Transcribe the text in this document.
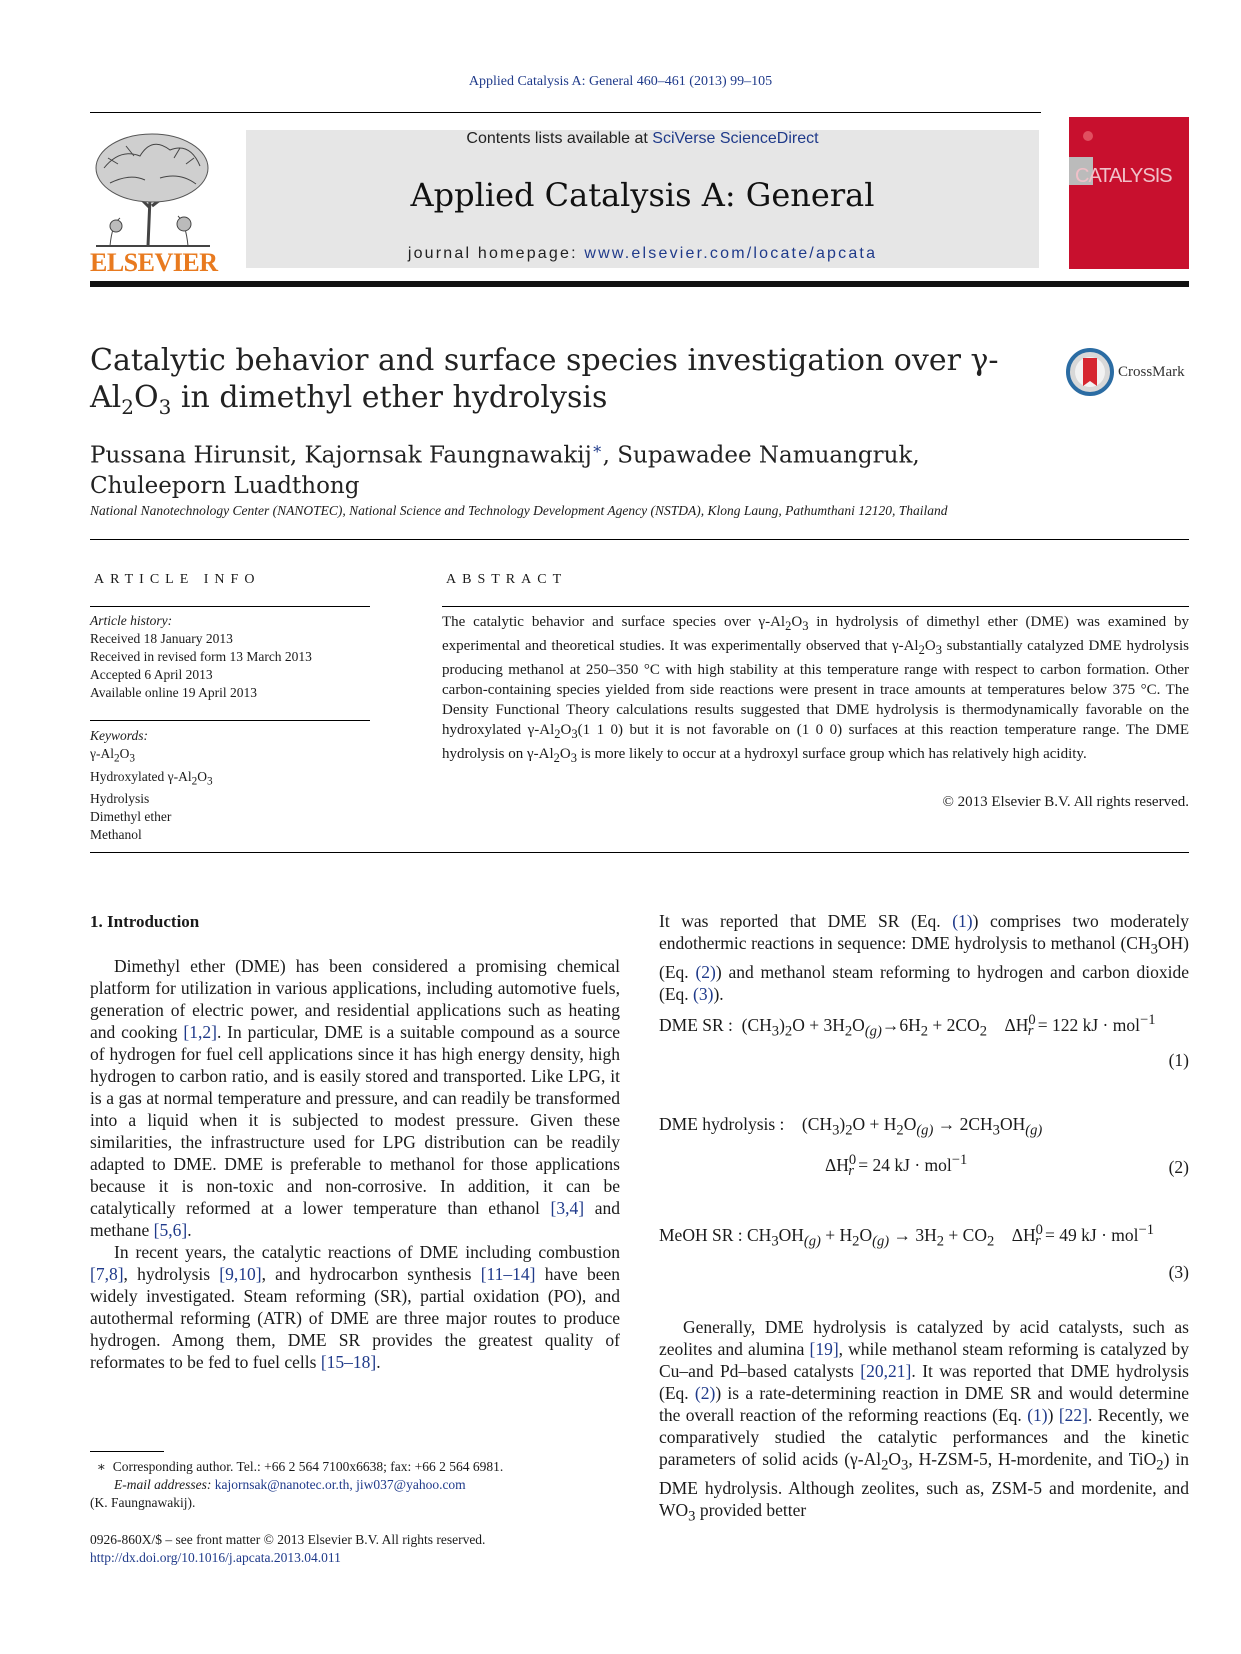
Applied Catalysis A: General 460–461 (2013) 99–105
ELSEVIER
Contents lists available at SciVerse ScienceDirect
Applied Catalysis A: General
journal homepage: www.elsevier.com/locate/apcata
CATALYSIS
Catalytic behavior and surface species investigation over $\gamma-Al_2O_3$ in dimethyl ether hydrolysis
CrossMark
Pussana Hirunsit, Kajornsak Faungnawakij∗, Supawadee Namuangruk,
Chuleeporn Luadthong
National Nanotechnology Center (NANOTEC), National Science and Technology Development Agency (NSTDA), Klong Laung, Pathumthani 12120, Thailand
ARTICLE INFO
Article history:
Received 18 January 2013
Received in revised form 13 March 2013
Accepted 6 April 2013
Available online 19 April 2013
Keywords:
$\gamma-Al_2O_3$
Hydroxylated $\gamma-Al_2O_3$
Hydrolysis
Dimethyl ether
Methanol
ABSTRACT
The catalytic behavior and surface species over $\gamma-Al_2O_3$ in hydrolysis of dimethyl ether (DME) was examined by experimental and theoretical studies. It was experimentally observed that $\gamma-Al_2O_3$ substantially catalyzed DME hydrolysis producing methanol at 250–350 °C with high stability at this temperature range with respect to carbon formation. Other carbon-containing species yielded from side reactions were present in trace amounts at temperatures below 375 °C. The Density Functional Theory calculations results suggested that DME hydrolysis is thermodynamically favorable on the hydroxylated $\gamma-Al_2O_3(1$ 1 0) but it is not favorable on (1 0 0) surfaces at this reaction temperature range. The DME hydrolysis on $\gamma-Al_2O_3$ is more likely to occur at a hydroxyl surface group which has relatively high acidity.
© 2013 Elsevier B.V. All rights reserved.
1. Introduction

Dimethyl ether (DME) has been considered a promising chemical platform for utilization in various applications, including automotive fuels, generation of electric power, and residential applications such as heating and cooking [1,2]. In particular, DME is a suitable compound as a source of hydrogen for fuel cell applications since it has high energy density, high hydrogen to carbon ratio, and is easily stored and transported. Like LPG, it is a gas at normal temperature and pressure, and can readily be transformed into a liquid when it is subjected to modest pressure. Given these similarities, the infrastructure used for LPG distribution can be readily adapted to DME. DME is preferable to methanol for those applications because it is non-toxic and non-corrosive. In addition, it can be catalytically reformed at a lower temperature than ethanol [3,4] and methane [5,6].

In recent years, the catalytic reactions of DME including combustion [7,8], hydrolysis [9,10], and hydrocarbon synthesis [11–14] have been widely investigated. Steam reforming (SR), partial oxidation (PO), and autothermal reforming (ATR) of DME are three major routes to produce hydrogen. Among them, DME SR provides the greatest quality of reformates to be fed to fuel cells [15–18].

It was reported that DME SR (Eq. (1)) comprises two moderately endothermic reactions in sequence: DME hydrolysis to methanol $(CH_3OH)$ (Eq. (2)) and methanol steam reforming to hydrogen and carbon dioxide (Eq. (3)).

DME SR :  $(CH_3)_2O + 3H_2O_{(g)}\to 6H_2 + 2CO_2$    $\Delta H^0_r = 122$ kJ · mol$^{-1}$
(1)
DME hydrolysis :    $(CH_3)_2O + H_2O_{(g)} \to 2CH_3OH_{(g)}$
$\Delta H^0_r = 24$ kJ · mol$^{-1}$	(2)
MeOH SR : $CH_3OH_{(g)} + H_2O_{(g)} \to 3H_2 + CO_2$    $\Delta H^0_r = 49$ kJ · mol$^{-1}$
(3)

Generally, DME hydrolysis is catalyzed by acid catalysts, such as zeolites and alumina [19], while methanol steam reforming is catalyzed by Cu–and Pd–based catalysts [20,21]. It was reported that DME hydrolysis (Eq. (2)) is a rate-determining reaction in DME SR and would determine the overall reaction of the reforming reactions (Eq. (1)) [22]. Recently, we comparatively studied the catalytic performances and the kinetic parameters of solid acids ($\gamma-Al_2O_3$, H-ZSM-5, H-mordenite, and TiO$_2$) in DME hydrolysis. Although zeolites, such as, ZSM-5 and mordenite, and $WO_3$ provided better

∗  Corresponding author. Tel.: +66 2 564 7100x6638; fax: +66 2 564 6981.
E-mail addresses: kajornsak@nanotec.or.th, jiw037@yahoo.com
(K. Faungnawakij).
0926-860X/$ – see front matter © 2013 Elsevier B.V. All rights reserved.
http://dx.doi.org/10.1016/j.apcata.2013.04.011
